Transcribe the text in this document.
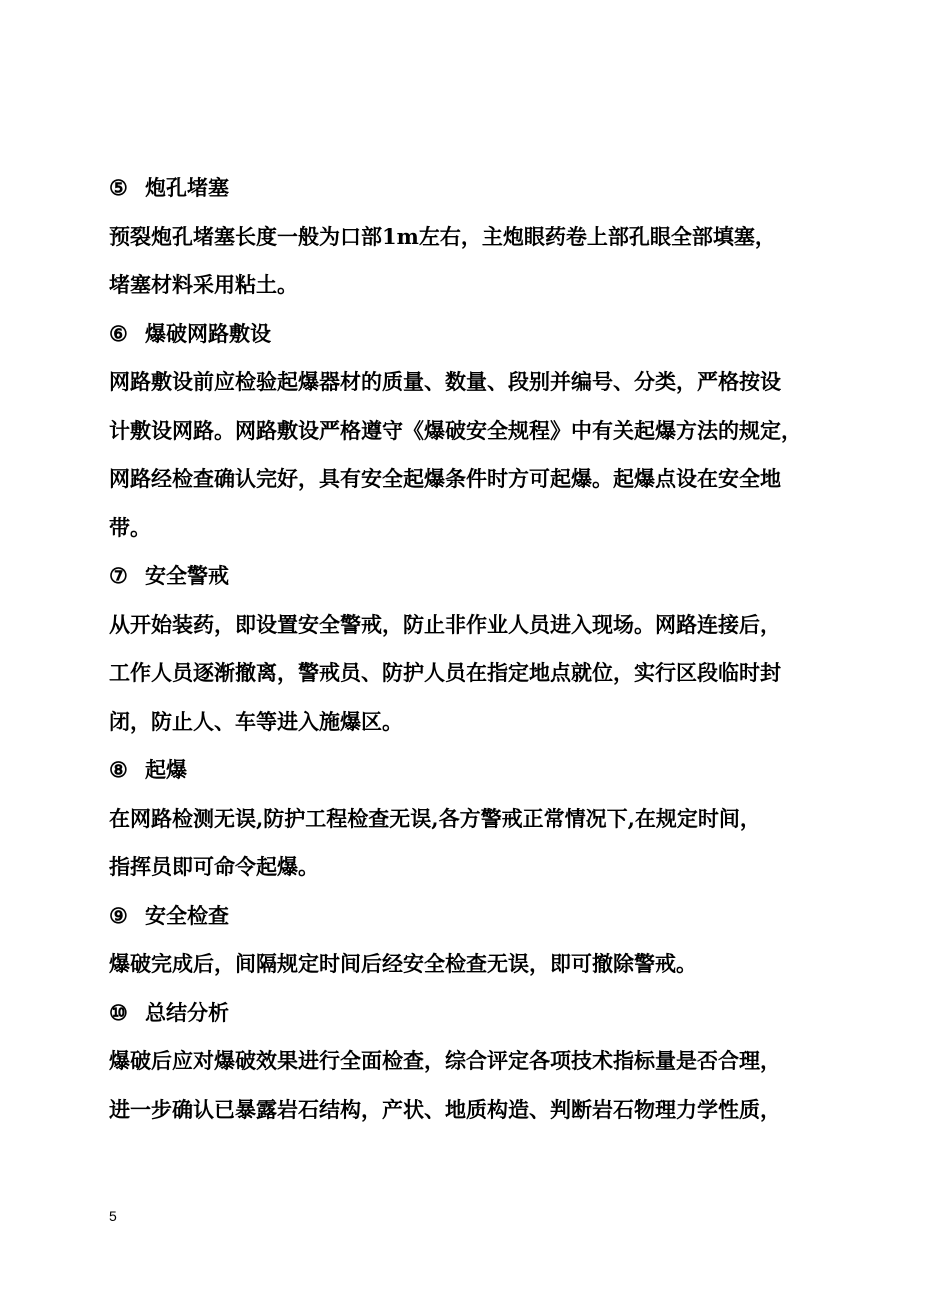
⑤ 炮孔堵塞
预裂炮孔堵塞长度一般为口部1m左右，主炮眼药卷上部孔眼全部填塞，
堵塞材料采用粘土。
⑥ 爆破网路敷设
网路敷设前应检验起爆器材的质量、数量、段别并编号、分类，严格按设
计敷设网路。网路敷设严格遵守《爆破安全规程》中有关起爆方法的规定，
网路经检查确认完好，具有安全起爆条件时方可起爆。起爆点设在安全地
带。
⑦ 安全警戒
从开始装药，即设置安全警戒，防止非作业人员进入现场。网路连接后，
工作人员逐渐撤离，警戒员、防护人员在指定地点就位，实行区段临时封
闭，防止人、车等进入施爆区。
⑧ 起爆
在网路检测无误,防护工程检查无误,各方警戒正常情况下,在规定时间，
指挥员即可命令起爆。
⑨ 安全检查
爆破完成后，间隔规定时间后经安全检查无误，即可撤除警戒。
⑩ 总结分析
爆破后应对爆破效果进行全面检查，综合评定各项技术指标量是否合理，
进一步确认已暴露岩石结构，产状、地质构造、判断岩石物理力学性质，
5
